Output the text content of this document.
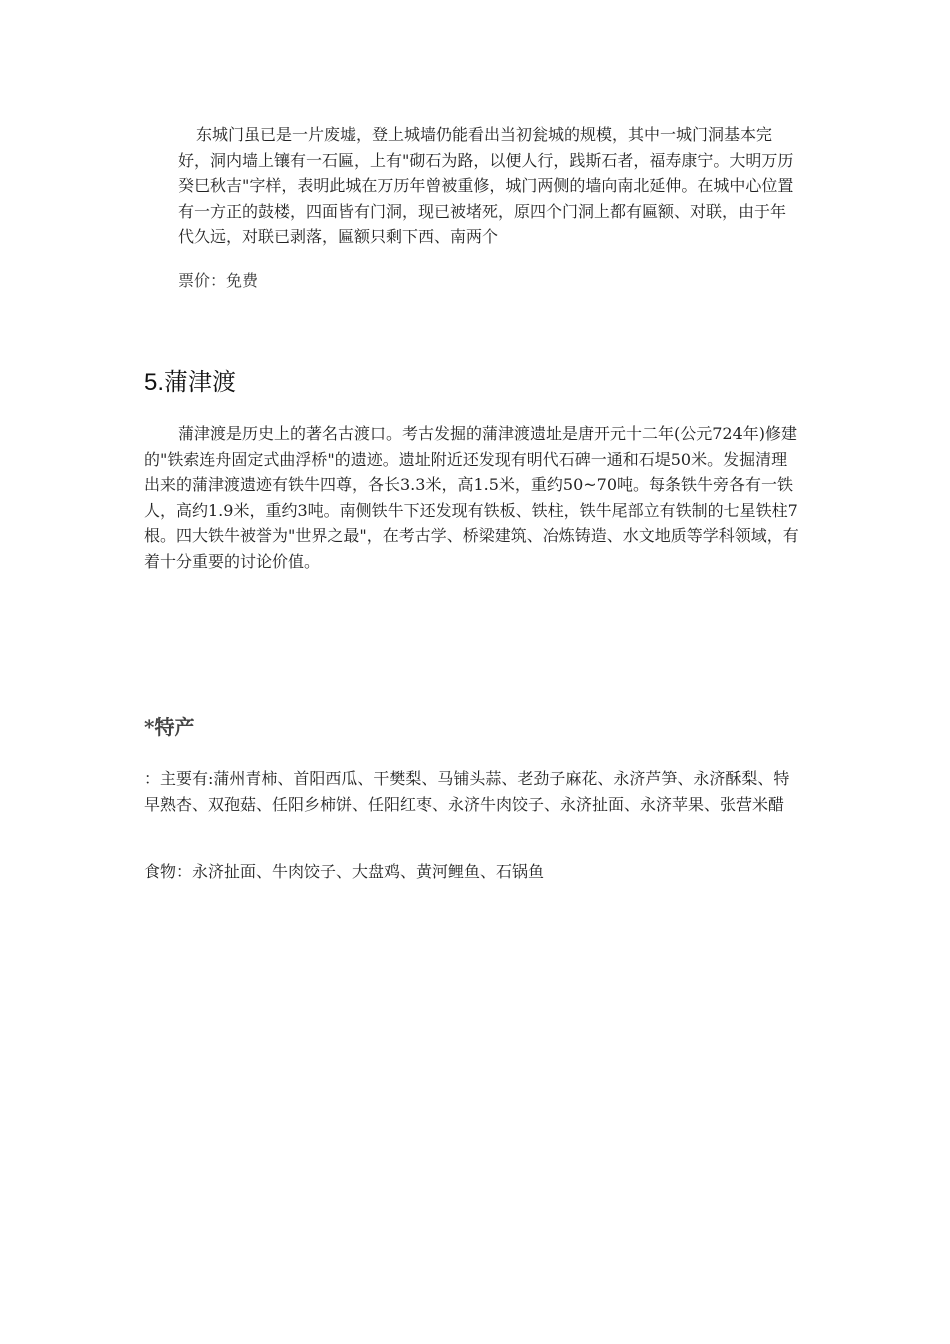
东城门虽已是一片废墟，登上城墙仍能看出当初瓮城的规模，其中一城门洞基本完好，洞内墙上镶有一石匾，上有"砌石为路，以便人行，践斯石者，福寿康宁。大明万历癸巳秋吉"字样，表明此城在万历年曾被重修，城门两侧的墙向南北延伸。在城中心位置有一方正的鼓楼，四面皆有门洞，现已被堵死，原四个门洞上都有匾额、对联，由于年代久远，对联已剥落，匾额只剩下西、南两个

票价：免费

5.蒲津渡

蒲津渡是历史上的著名古渡口。考古发掘的蒲津渡遗址是唐开元十二年(公元724年)修建的"铁索连舟固定式曲浮桥"的遗迹。遗址附近还发现有明代石碑一通和石堤50米。发掘清理出来的蒲津渡遗迹有铁牛四尊，各长3.3米，高1.5米，重约50~70吨。每条铁牛旁各有一铁人，高约1.9米，重约3吨。南侧铁牛下还发现有铁板、铁柱，铁牛尾部立有铁制的七星铁柱7根。四大铁牛被誉为"世界之最"，在考古学、桥梁建筑、冶炼铸造、水文地质等学科领域，有着十分重要的讨论价值。

*特产

：主要有:蒲州青柿、首阳西瓜、干樊梨、马铺头蒜、老劲子麻花、永济芦笋、永济酥梨、特早熟杏、双孢菇、任阳乡柿饼、任阳红枣、永济牛肉饺子、永济扯面、永济苹果、张营米醋

食物：永济扯面、牛肉饺子、大盘鸡、黄河鲤鱼、石锅鱼
